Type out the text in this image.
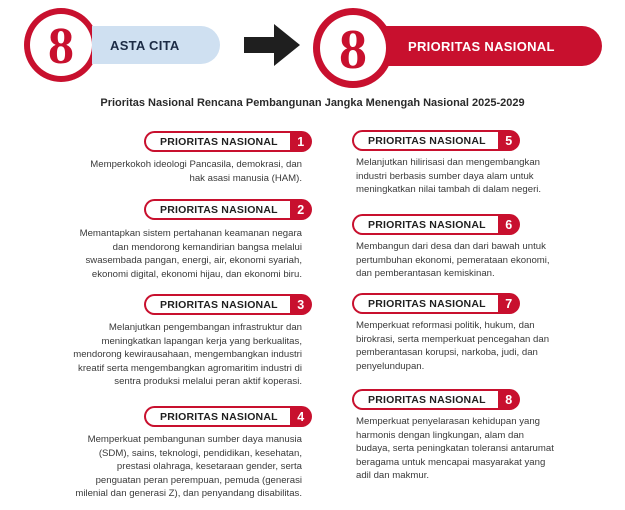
8	ASTA CITA	PRIORITAS NASIONAL
8
Prioritas Nasional Rencana Pembangunan Jangka Menengah Nasional 2025-2029
PRIORITAS NASIONAL	1
Memperkokoh ideologi Pancasila, demokrasi, dan
hak asasi manusia (HAM).
PRIORITAS NASIONAL	2
Memantapkan sistem pertahanan keamanan negara
dan mendorong kemandirian bangsa melalui
swasembada pangan, energi, air, ekonomi syariah,
ekonomi digital, ekonomi hijau, dan ekonomi biru.
PRIORITAS NASIONAL	3
Melanjutkan pengembangan infrastruktur dan
meningkatkan lapangan kerja yang berkualitas,
mendorong kewirausahaan, mengembangkan industri
kreatif serta mengembangkan agromaritim industri di
sentra produksi melalui peran aktif koperasi.
PRIORITAS NASIONAL	4
Memperkuat pembangunan sumber daya manusia
(SDM), sains, teknologi, pendidikan, kesehatan,
prestasi olahraga, kesetaraan gender, serta
penguatan peran perempuan, pemuda (generasi
milenial dan generasi Z), dan penyandang disabilitas.
PRIORITAS NASIONAL	5
Melanjutkan hilirisasi dan mengembangkan
industri berbasis sumber daya alam untuk
meningkatkan nilai tambah di dalam negeri.
PRIORITAS NASIONAL	6
Membangun dari desa dan dari bawah untuk
pertumbuhan ekonomi, pemerataan ekonomi,
dan pemberantasan kemiskinan.
PRIORITAS NASIONAL	7
Memperkuat reformasi politik, hukum, dan
birokrasi, serta memperkuat pencegahan dan
pemberantasan korupsi, narkoba, judi, dan
penyelundupan.
PRIORITAS NASIONAL	8
Memperkuat penyelarasan kehidupan yang
harmonis dengan lingkungan, alam dan
budaya, serta peningkatan toleransi antarumat
beragama untuk mencapai masyarakat yang
adil dan makmur.
